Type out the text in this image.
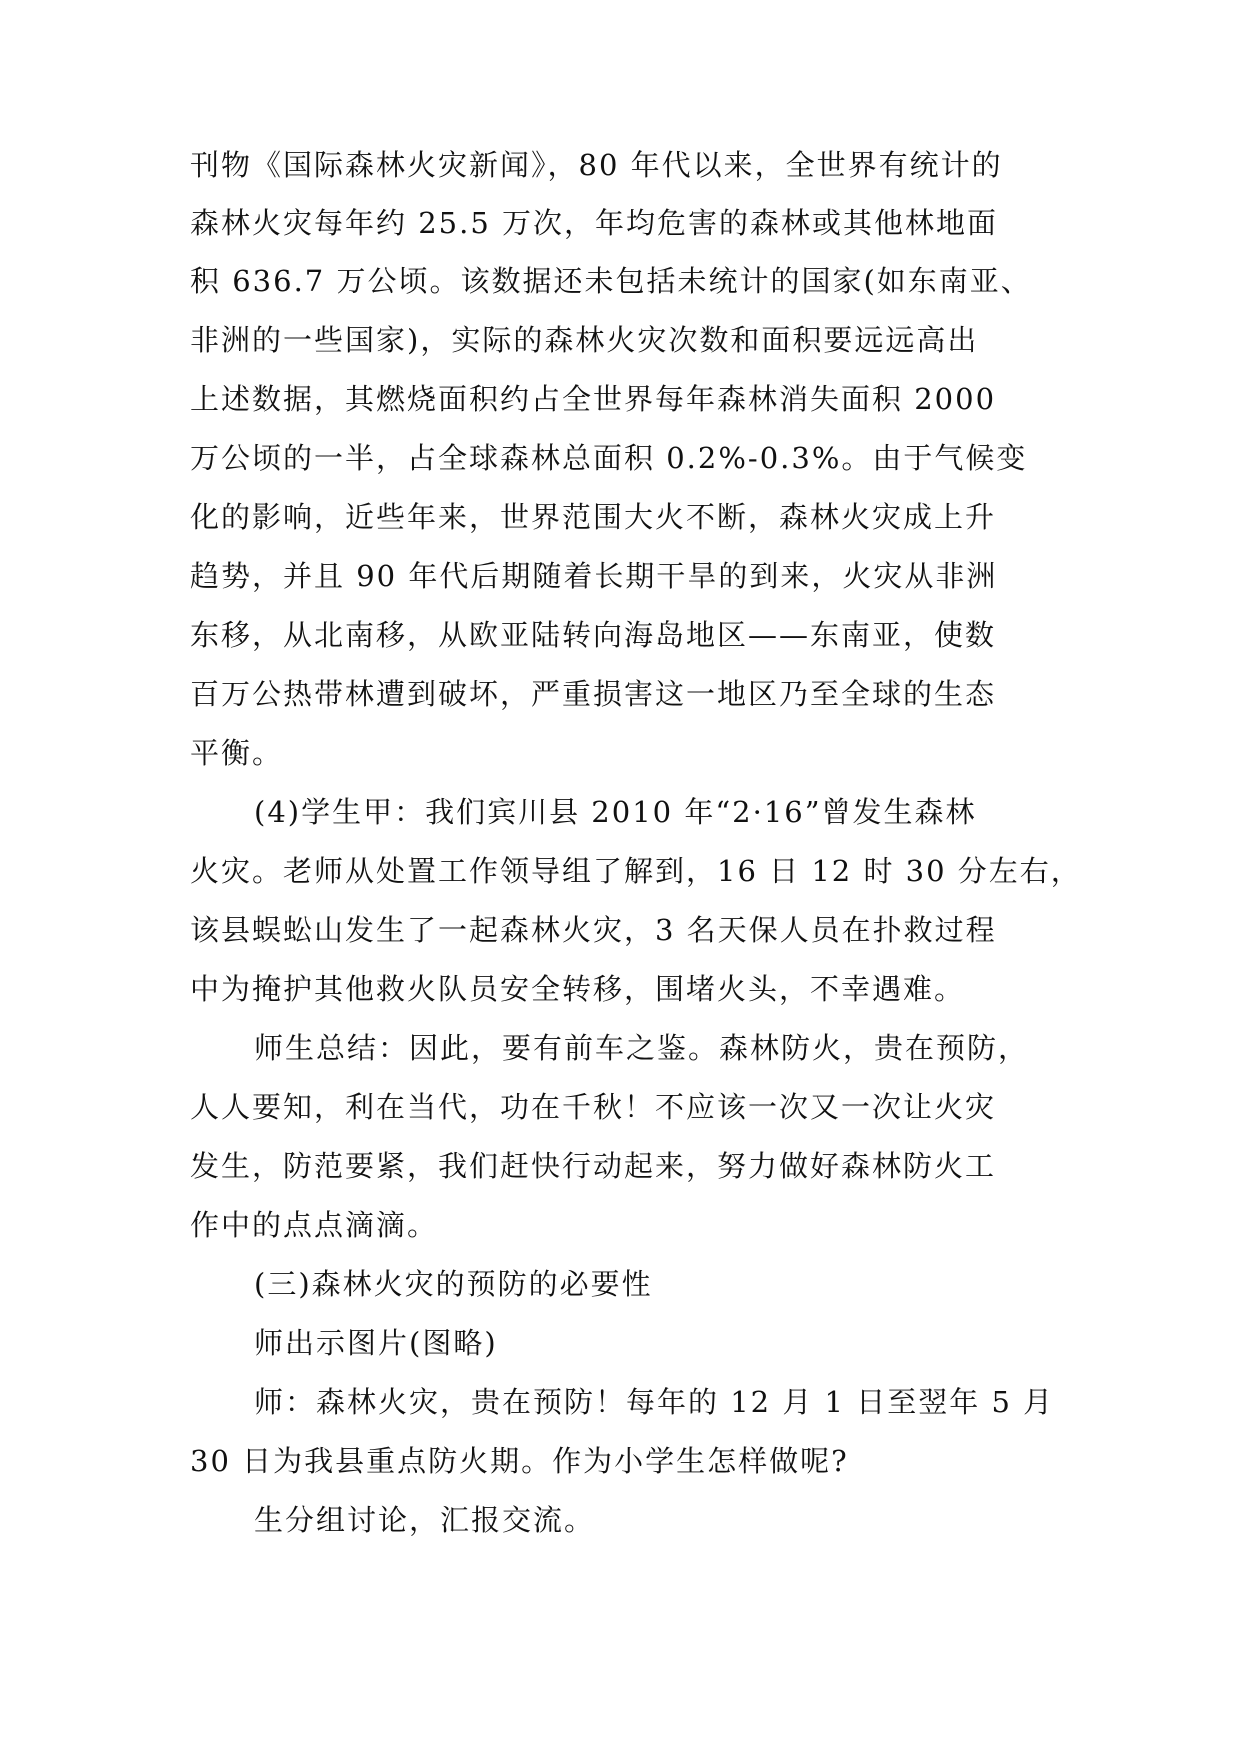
刊物《国际森林火灾新闻》，80 年代以来，全世界有统计的
森林火灾每年约 25.5 万次，年均危害的森林或其他林地面
积 636.7 万公顷。该数据还未包括未统计的国家(如东南亚、
非洲的一些国家)，实际的森林火灾次数和面积要远远高出
上述数据，其燃烧面积约占全世界每年森林消失面积 2000
万公顷的一半，占全球森林总面积 0.2%-0.3%。由于气候变
化的影响，近些年来，世界范围大火不断，森林火灾成上升
趋势，并且 90 年代后期随着长期干旱的到来，火灾从非洲
东移，从北南移，从欧亚陆转向海岛地区——东南亚，使数
百万公热带林遭到破坏，严重损害这一地区乃至全球的生态
平衡。
(4)学生甲：我们宾川县 2010 年“2·16”曾发生森林
火灾。老师从处置工作领导组了解到，16 日 12 时 30 分左右，
该县蜈蚣山发生了一起森林火灾，3 名天保人员在扑救过程
中为掩护其他救火队员安全转移，围堵火头，不幸遇难。
师生总结：因此，要有前车之鉴。森林防火，贵在预防，
人人要知，利在当代，功在千秋！不应该一次又一次让火灾
发生，防范要紧，我们赶快行动起来，努力做好森林防火工
作中的点点滴滴。
(三)森林火灾的预防的必要性
师出示图片(图略)
师：森林火灾，贵在预防！每年的 12 月 1 日至翌年 5 月
30 日为我县重点防火期。作为小学生怎样做呢?
生分组讨论，汇报交流。
